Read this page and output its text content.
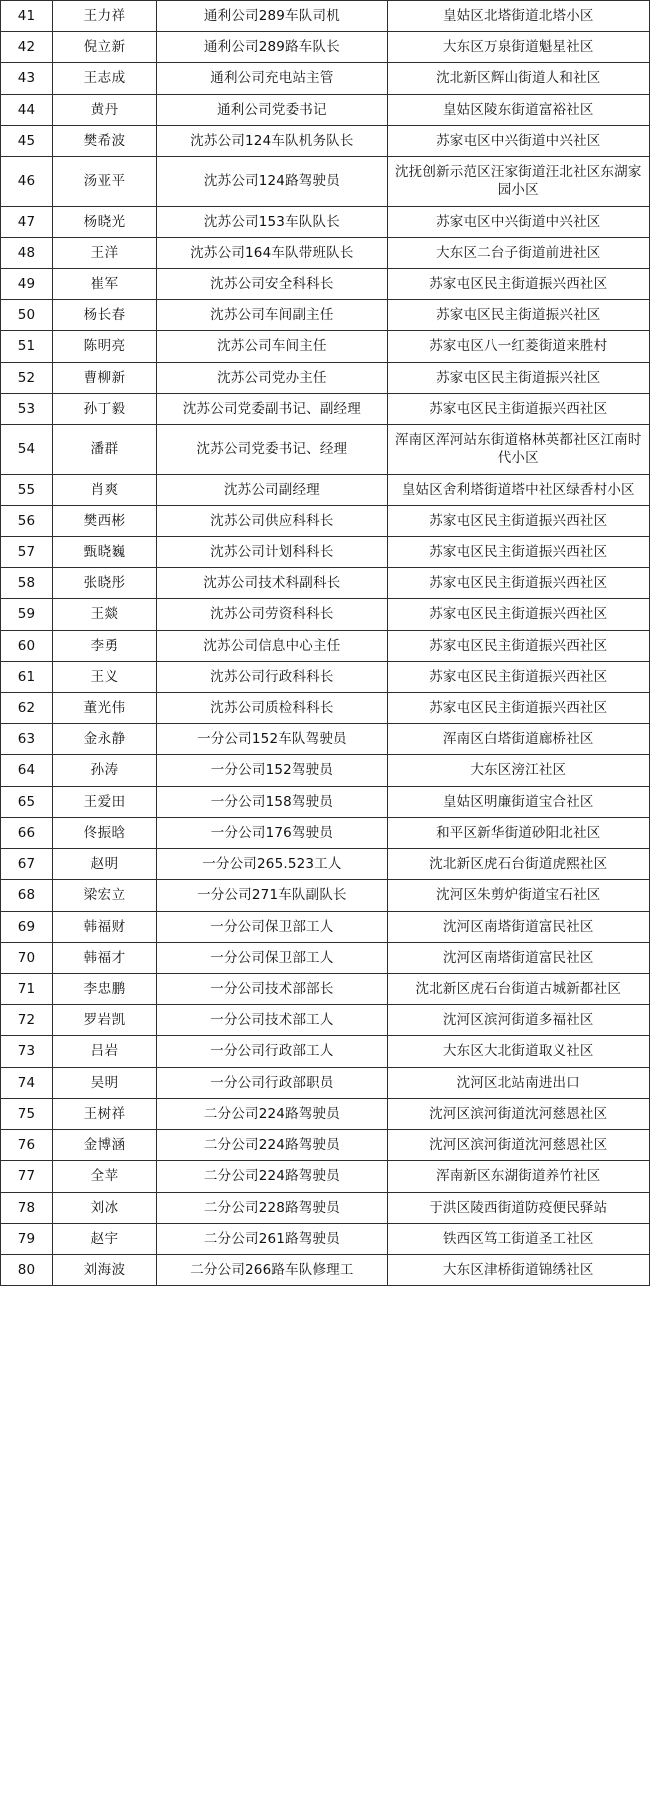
41	王力祥	通利公司289车队司机	皇姑区北塔街道北塔小区
42	倪立新	通利公司289路车队长	大东区万泉街道魁星社区
43	王志成	通利公司充电站主管	沈北新区辉山街道人和社区
44	黄丹	通利公司党委书记	皇姑区陵东街道富裕社区
45	樊希波	沈苏公司124车队机务队长	苏家屯区中兴街道中兴社区
46	汤亚平	沈苏公司124路驾驶员	沈抚创新示范区汪家街道汪北社区东湖家园小区
47	杨晓光	沈苏公司153车队队长	苏家屯区中兴街道中兴社区
48	王洋	沈苏公司164车队带班队长	大东区二台子街道前进社区
49	崔军	沈苏公司安全科科长	苏家屯区民主街道振兴西社区
50	杨长春	沈苏公司车间副主任	苏家屯区民主街道振兴社区
51	陈明亮	沈苏公司车间主任	苏家屯区八一红菱街道来胜村
52	曹柳新	沈苏公司党办主任	苏家屯区民主街道振兴社区
53	孙丁毅	沈苏公司党委副书记、副经理	苏家屯区民主街道振兴西社区
54	潘群	沈苏公司党委书记、经理	浑南区浑河站东街道格林英都社区江南时代小区
55	肖爽	沈苏公司副经理	皇姑区舍利塔街道塔中社区绿香村小区
56	樊西彬	沈苏公司供应科科长	苏家屯区民主街道振兴西社区
57	甄晓巍	沈苏公司计划科科长	苏家屯区民主街道振兴西社区
58	张晓彤	沈苏公司技术科副科长	苏家屯区民主街道振兴西社区
59	王燚	沈苏公司劳资科科长	苏家屯区民主街道振兴西社区
60	李勇	沈苏公司信息中心主任	苏家屯区民主街道振兴西社区
61	王义	沈苏公司行政科科长	苏家屯区民主街道振兴西社区
62	董光伟	沈苏公司质检科科长	苏家屯区民主街道振兴西社区
63	金永静	一分公司152车队驾驶员	浑南区白塔街道廊桥社区
64	孙涛	一分公司152驾驶员	大东区滂江社区
65	王爱田	一分公司158驾驶员	皇姑区明廉街道宝合社区
66	佟振晗	一分公司176驾驶员	和平区新华街道砂阳北社区
67	赵明	一分公司265.523工人	沈北新区虎石台街道虎熙社区
68	梁宏立	一分公司271车队副队长	沈河区朱剪炉街道宝石社区
69	韩福财	一分公司保卫部工人	沈河区南塔街道富民社区
70	韩福才	一分公司保卫部工人	沈河区南塔街道富民社区
71	李忠鹏	一分公司技术部部长	沈北新区虎石台街道古城新都社区
72	罗岩凯	一分公司技术部工人	沈河区滨河街道多福社区
73	吕岩	一分公司行政部工人	大东区大北街道取义社区
74	吴明	一分公司行政部职员	沈河区北站南进出口
75	王树祥	二分公司224路驾驶员	沈河区滨河街道沈河慈恩社区
76	金博涵	二分公司224路驾驶员	沈河区滨河街道沈河慈恩社区
77	全苹	二分公司224路驾驶员	浑南新区东湖街道养竹社区
78	刘冰	二分公司228路驾驶员	于洪区陵西街道防疫便民驿站
79	赵宇	二分公司261路驾驶员	铁西区笃工街道圣工社区
80	刘海波	二分公司266路车队修理工	大东区津桥街道锦绣社区
